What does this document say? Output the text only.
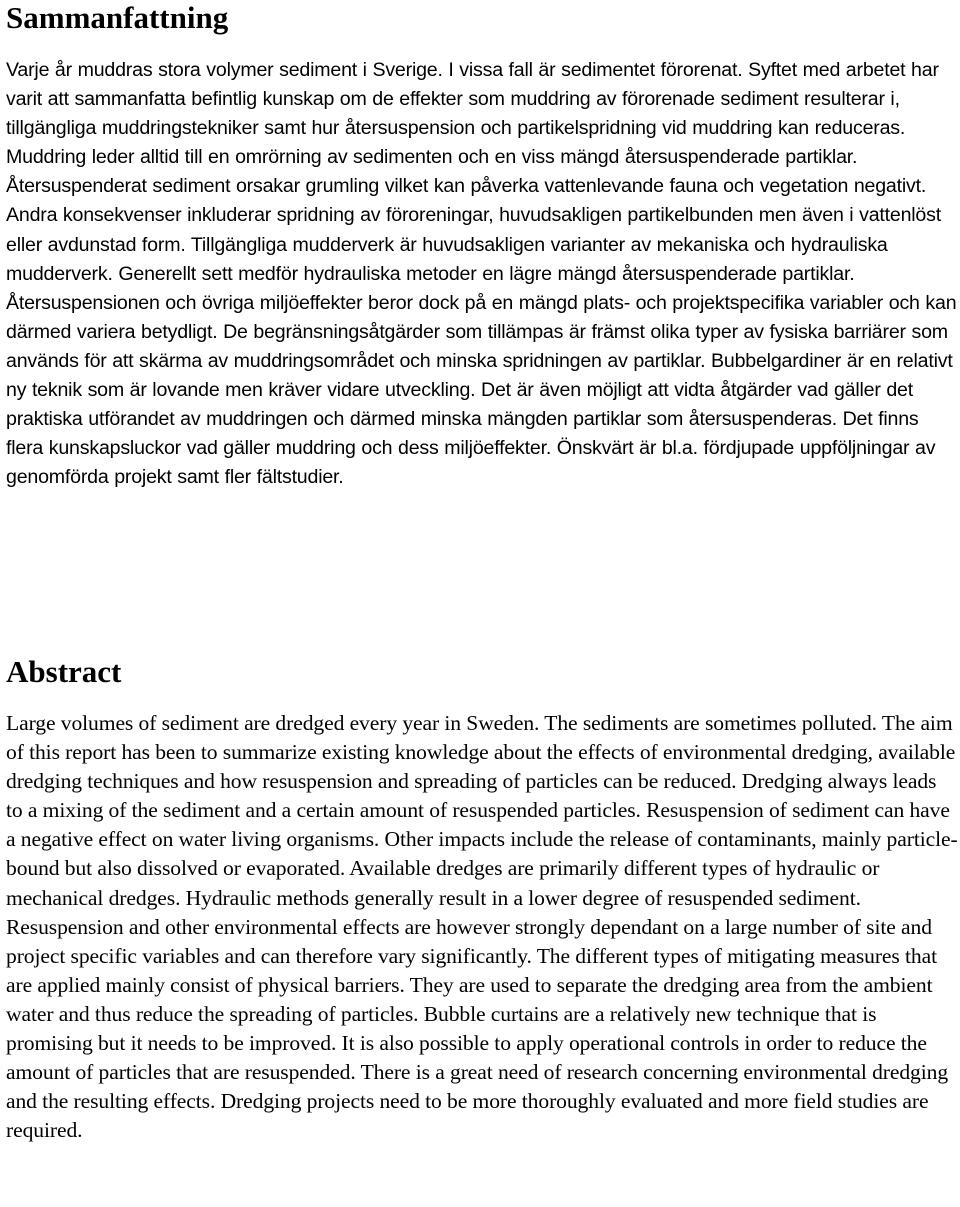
Sammanfattning

Varje år muddras stora volymer sediment i Sverige. I vissa fall är sedimentet förorenat. Syftet med arbetet har varit att sammanfatta befintlig kunskap om de effekter som muddring av förorenade sediment resulterar i, tillgängliga muddringstekniker samt hur återsuspension och partikelspridning vid muddring kan reduceras. Muddring leder alltid till en omrörning av sedimenten och en viss mängd återsuspenderade partiklar. Återsuspenderat sediment orsakar grumling vilket kan påverka vattenlevande fauna och vegetation negativt. Andra konsekvenser inkluderar spridning av föroreningar, huvudsakligen partikelbunden men även i vattenlöst eller avdunstad form. Tillgängliga mudderverk är huvudsakligen varianter av mekaniska och hydrauliska mudderverk. Generellt sett medför hydrauliska metoder en lägre mängd återsuspenderade partiklar. Återsuspensionen och övriga miljöeffekter beror dock på en mängd plats- och projektspecifika variabler och kan därmed variera betydligt. De begränsningsåtgärder som tillämpas är främst olika typer av fysiska barriärer som används för att skärma av muddringsområdet och minska spridningen av partiklar. Bubbelgardiner är en relativt ny teknik som är lovande men kräver vidare utveckling. Det är även möjligt att vidta åtgärder vad gäller det praktiska utförandet av muddringen och därmed minska mängden partiklar som återsuspenderas. Det finns flera kunskapsluckor vad gäller muddring och dess miljöeffekter. Önskvärt är bl.a. fördjupade uppföljningar av genomförda projekt samt fler fältstudier.

Abstract

Large volumes of sediment are dredged every year in Sweden. The sediments are sometimes polluted. The aim of this report has been to summarize existing knowledge about the effects of environmental dredging, available dredging techniques and how resuspension and spreading of particles can be reduced. Dredging always leads to a mixing of the sediment and a certain amount of resuspended particles. Resuspension of sediment can have a negative effect on water living organisms. Other impacts include the release of contaminants, mainly particle-bound but also dissolved or evaporated. Available dredges are primarily different types of hydraulic or mechanical dredges. Hydraulic methods generally result in a lower degree of resuspended sediment. Resuspension and other environmental effects are however strongly dependant on a large number of site and project specific variables and can therefore vary significantly. The different types of mitigating measures that are applied mainly consist of physical barriers. They are used to separate the dredging area from the ambient water and thus reduce the spreading of particles. Bubble curtains are a relatively new technique that is promising but it needs to be improved. It is also possible to apply operational controls in order to reduce the amount of particles that are resuspended. There is a great need of research concerning environmental dredging and the resulting effects. Dredging projects need to be more thoroughly evaluated and more field studies are required.
